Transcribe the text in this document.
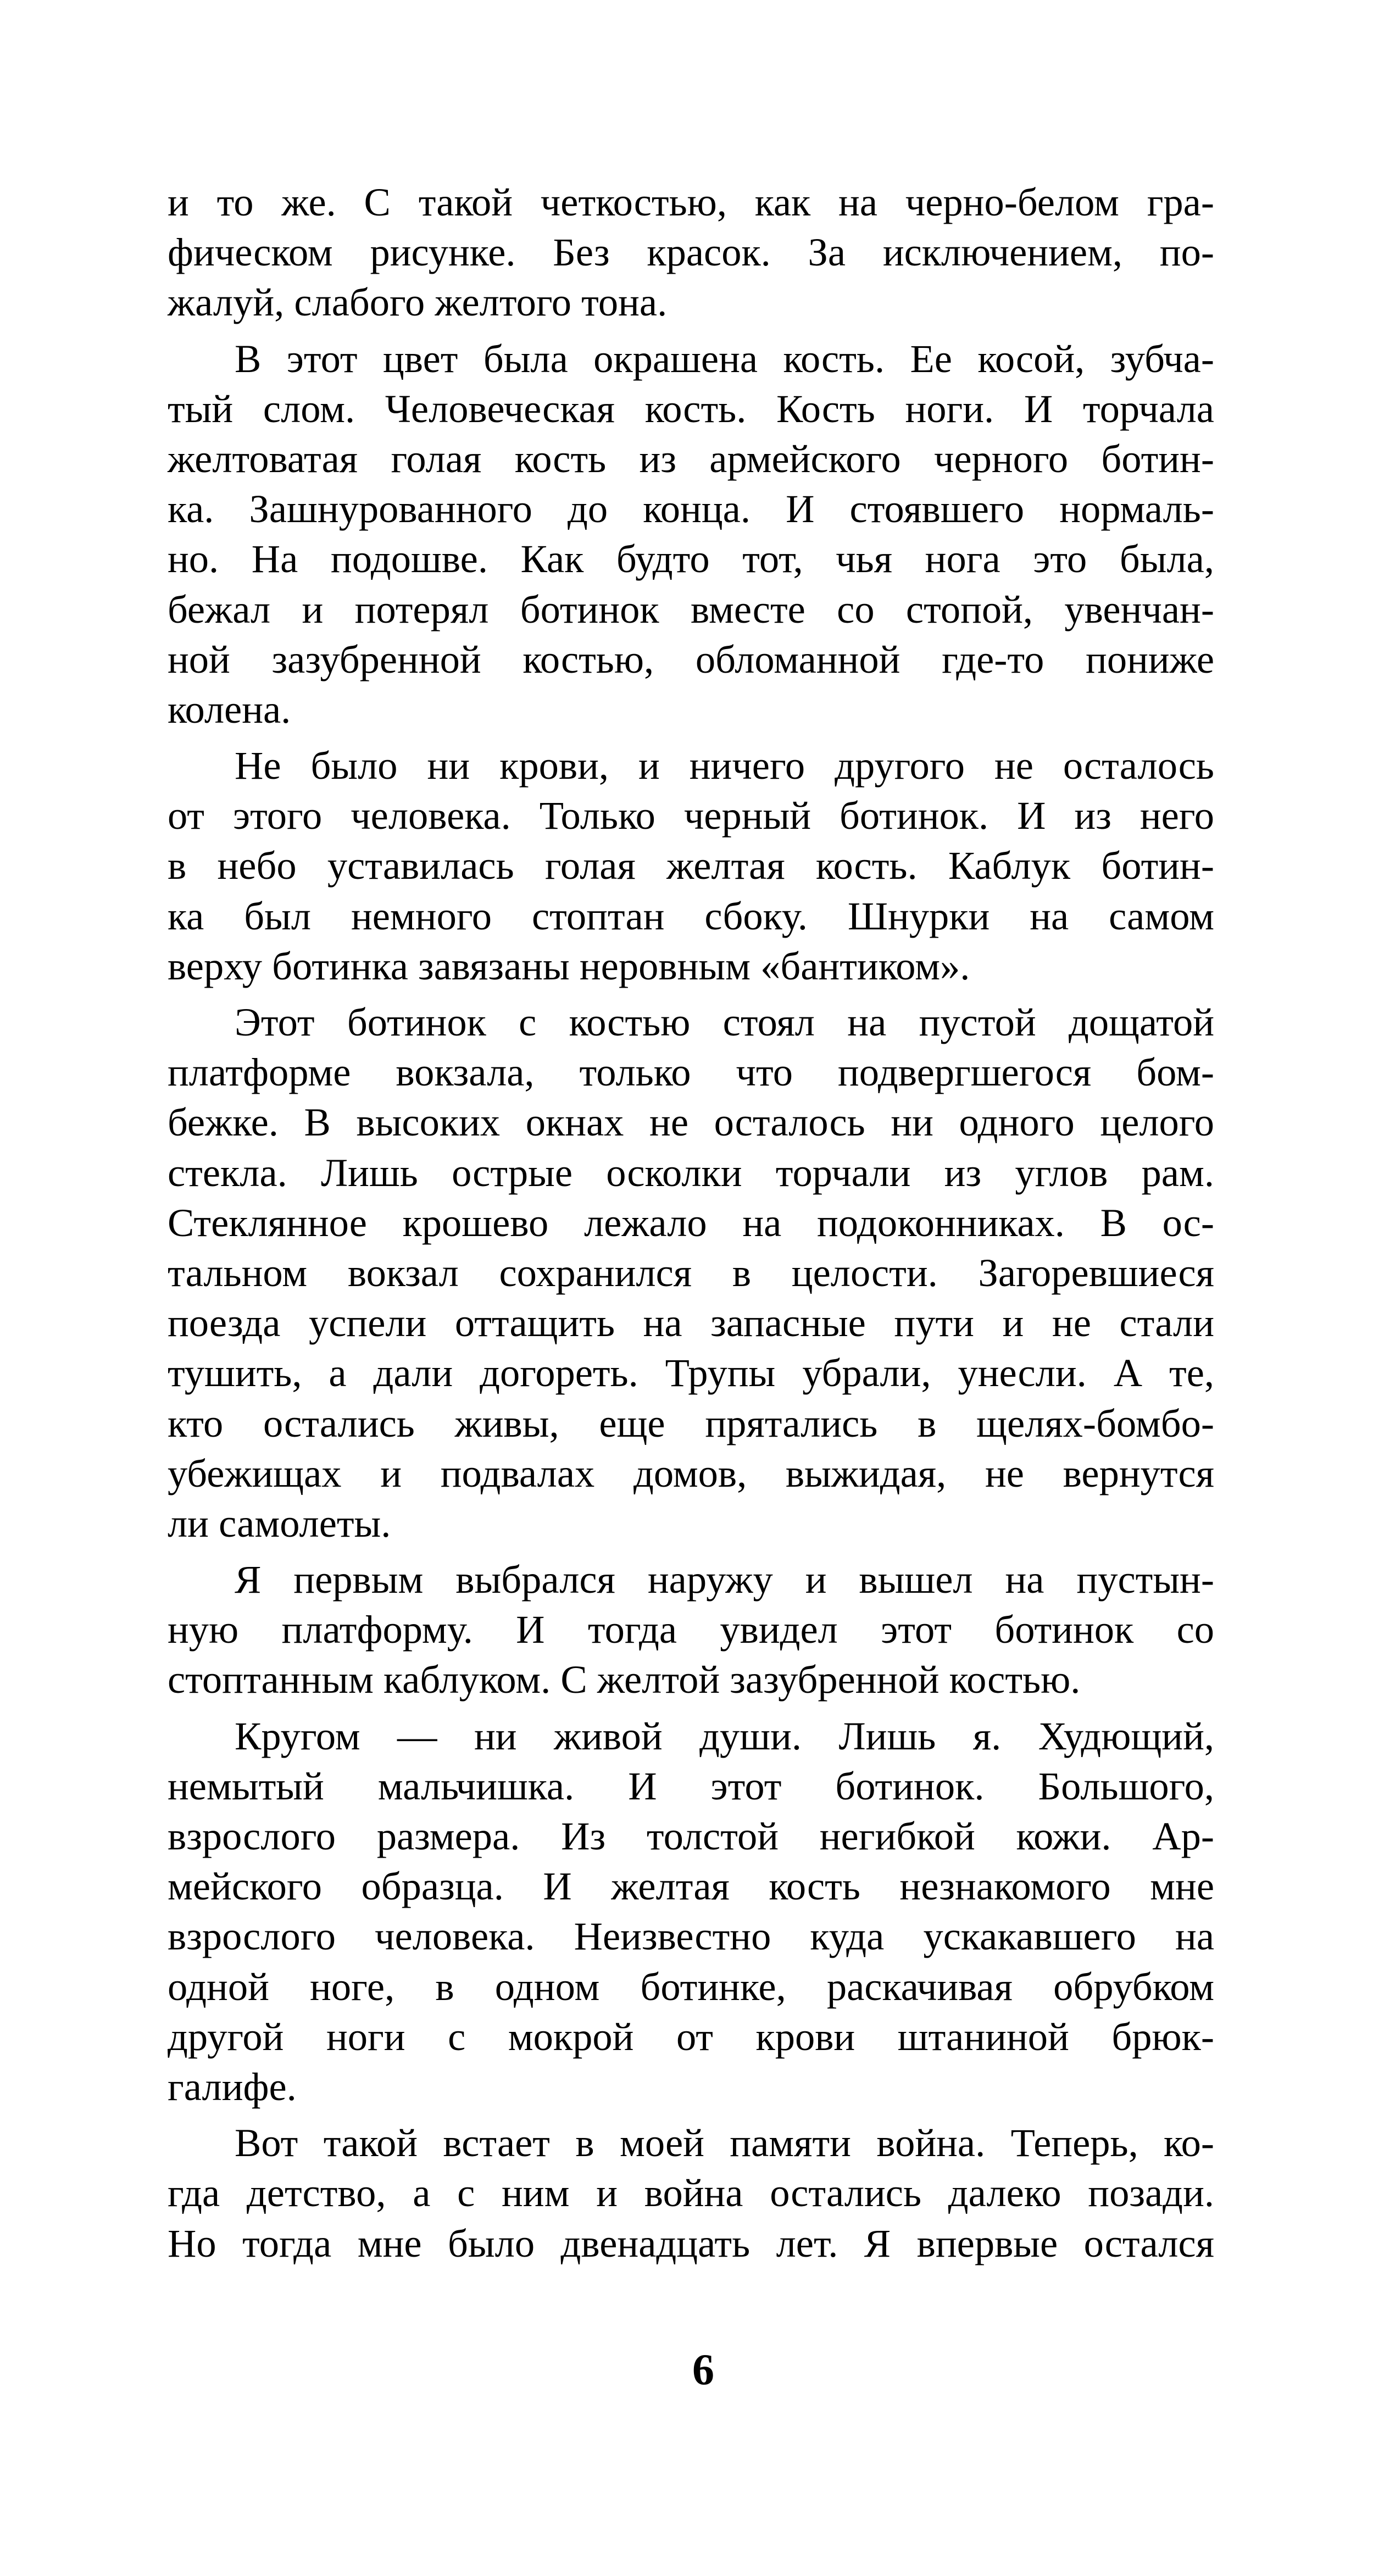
и то же. С такой четкостью, как на черно-белом гра-
фическом рисунке. Без красок. За исключением, по-
жалуй, слабого желтого тона.
В этот цвет была окрашена кость. Ее косой, зубча-
тый слом. Человеческая кость. Кость ноги. И торчала
желтоватая голая кость из армейского черного ботин-
ка. Зашнурованного до конца. И стоявшего нормаль-
но. На подошве. Как будто тот, чья нога это была,
бежал и потерял ботинок вместе со стопой, увенчан-
ной зазубренной костью, обломанной где-то пониже
колена.
Не было ни крови, и ничего другого не осталось
от этого человека. Только черный ботинок. И из него
в небо уставилась голая желтая кость. Каблук ботин-
ка был немного стоптан сбоку. Шнурки на самом
верху ботинка завязаны неровным «бантиком».
Этот ботинок с костью стоял на пустой дощатой
платформе вокзала, только что подвергшегося бом-
бежке. В высоких окнах не осталось ни одного целого
стекла. Лишь острые осколки торчали из углов рам.
Стеклянное крошево лежало на подоконниках. В ос-
тальном вокзал сохранился в целости. Загоревшиеся
поезда успели оттащить на запасные пути и не стали
тушить, а дали догореть. Трупы убрали, унесли. А те,
кто остались живы, еще прятались в щелях-бомбо-
убежищах и подвалах домов, выжидая, не вернутся
ли самолеты.
Я первым выбрался наружу и вышел на пустын-
ную платформу. И тогда увидел этот ботинок со
стоптанным каблуком. С желтой зазубренной костью.
Кругом — ни живой души. Лишь я. Худющий,
немытый мальчишка. И этот ботинок. Большого,
взрослого размера. Из толстой негибкой кожи. Ар-
мейского образца. И желтая кость незнакомого мне
взрослого человека. Неизвестно куда ускакавшего на
одной ноге, в одном ботинке, раскачивая обрубком
другой ноги с мокрой от крови штаниной брюк-
галифе.
Вот такой встает в моей памяти война. Теперь, ко-
гда детство, а с ним и война остались далеко позади.
Но тогда мне было двенадцать лет. Я впервые остался
6
